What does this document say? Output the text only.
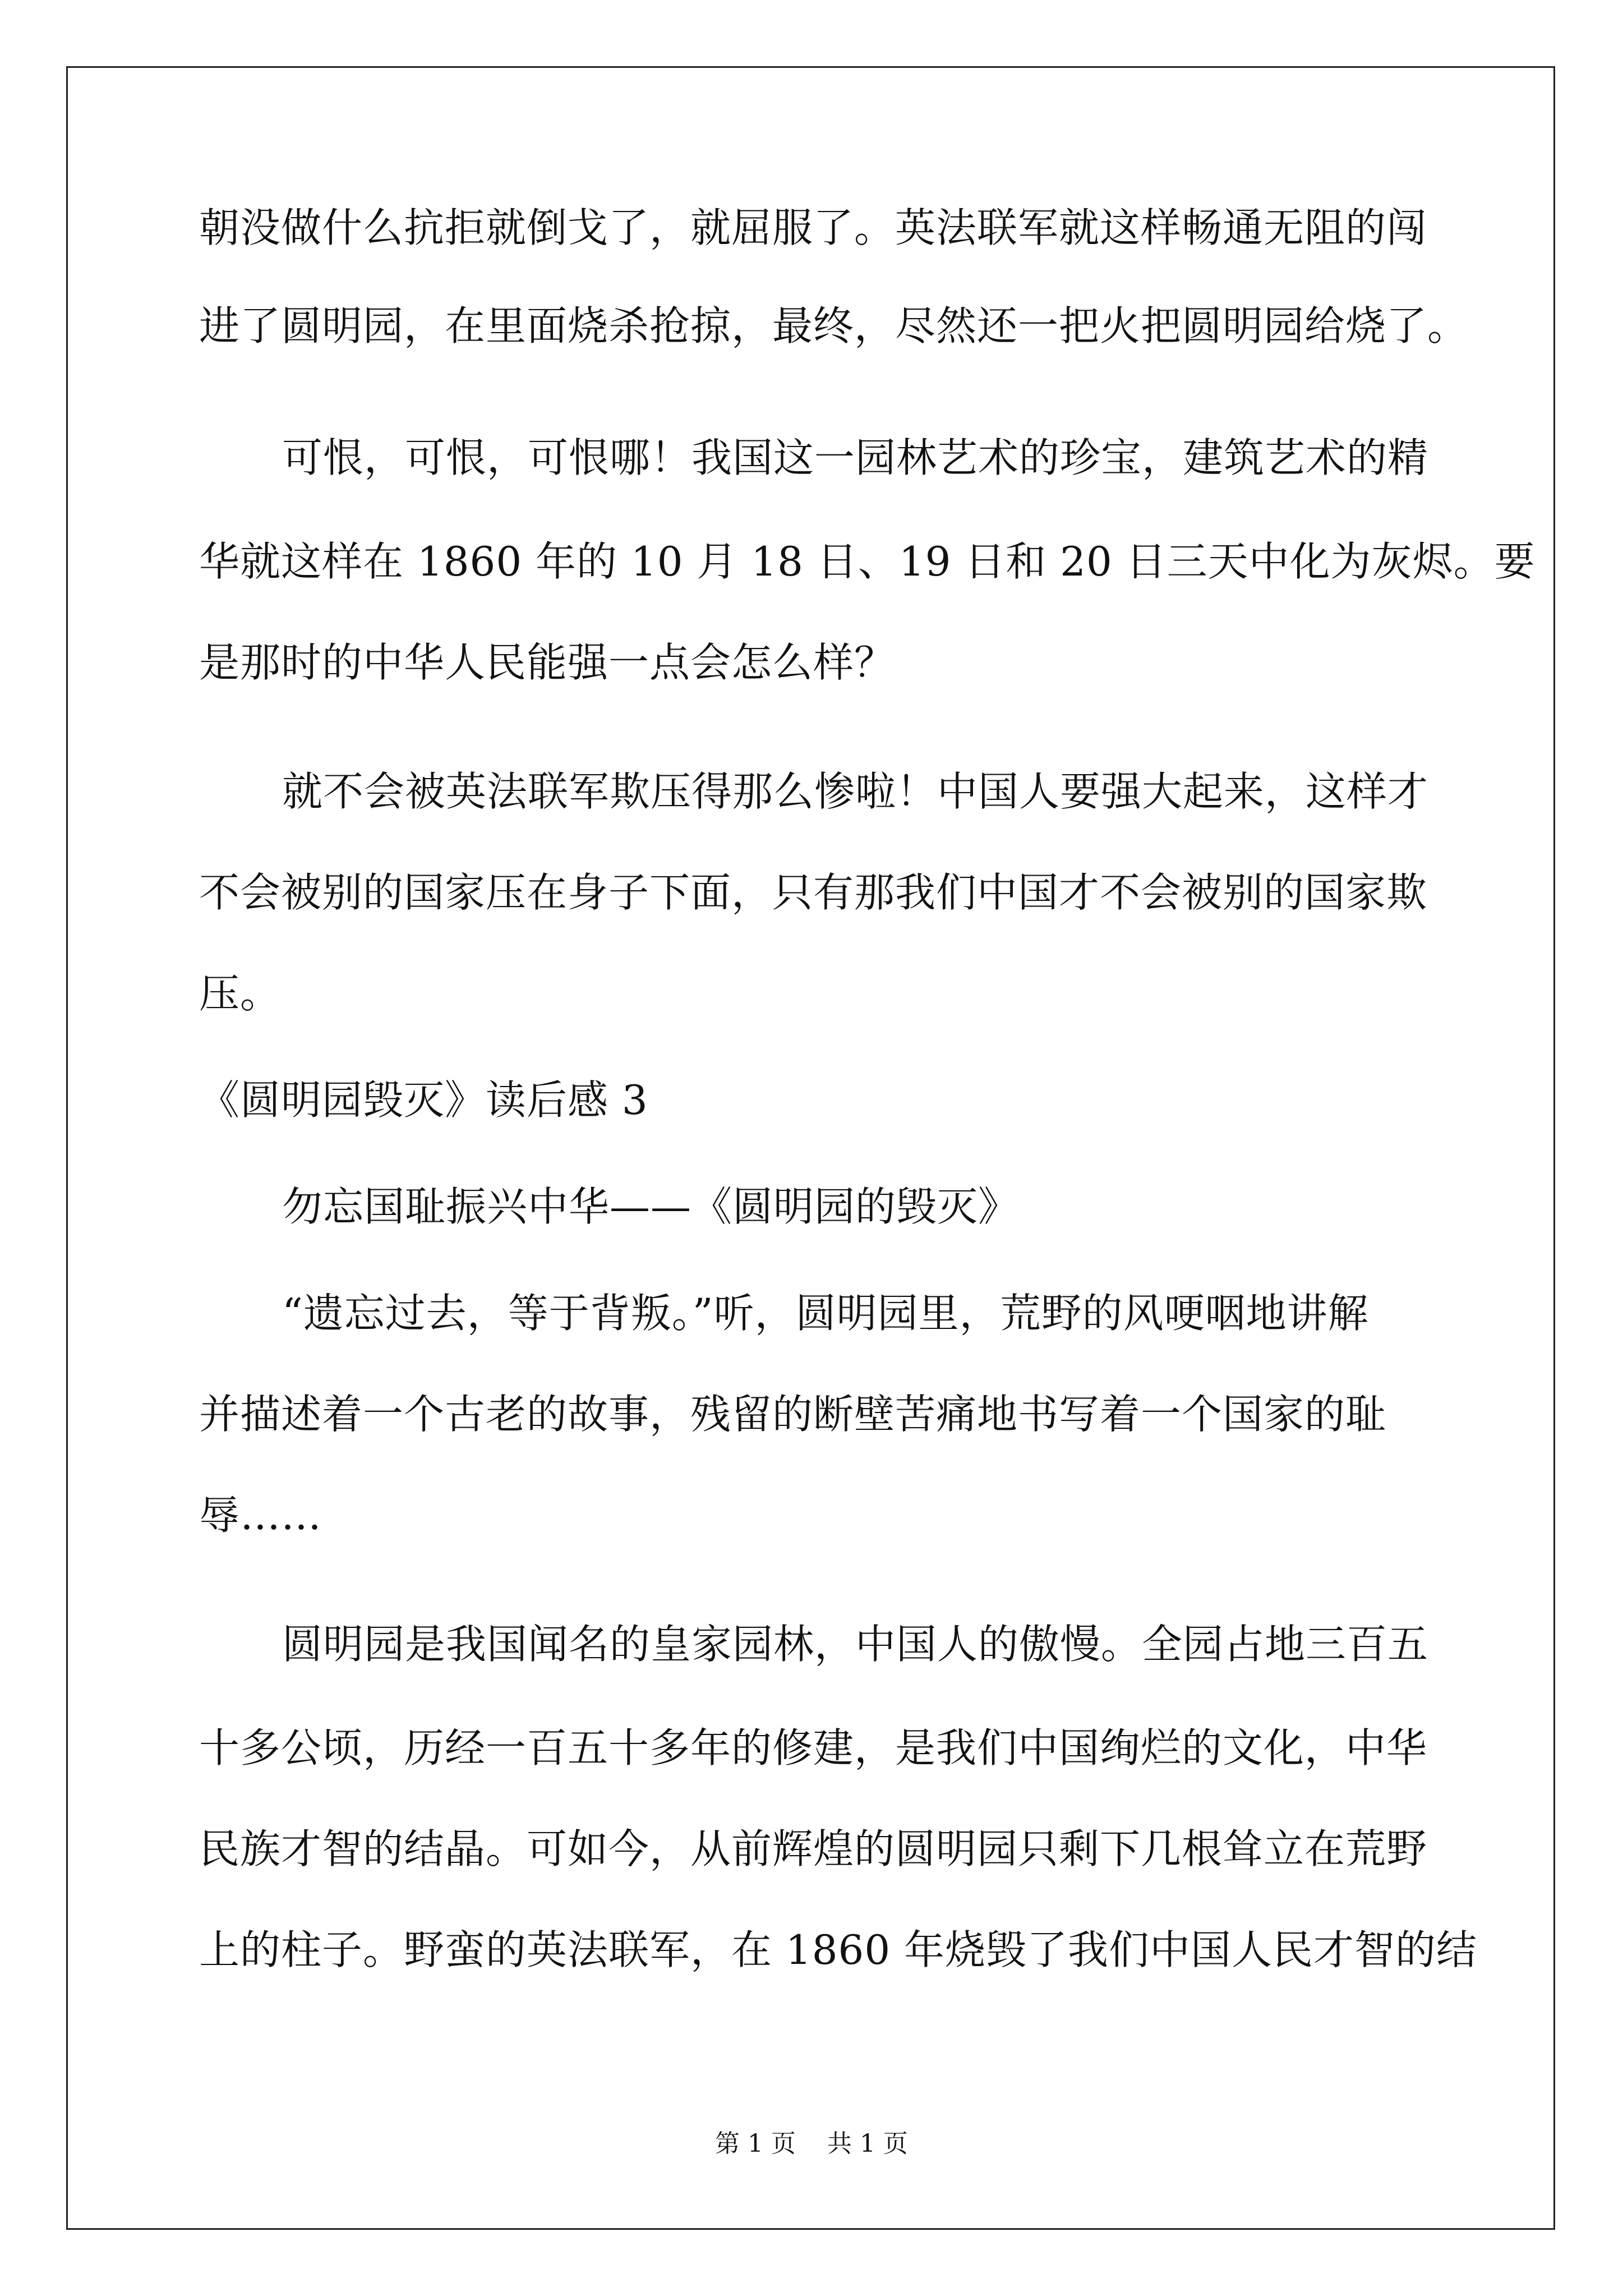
朝没做什么抗拒就倒戈了，就屈服了。英法联军就这样畅通无阻的闯
进了圆明园，在里面烧杀抢掠，最终，尽然还一把火把圆明园给烧了。
可恨，可恨，可恨哪！我国这一园林艺术的珍宝，建筑艺术的精
华就这样在 1860 年的 10 月 18 日、19 日和 20 日三天中化为灰烬。要
是那时的中华人民能强一点会怎么样？
就不会被英法联军欺压得那么惨啦！中国人要强大起来，这样才
不会被别的国家压在身子下面，只有那我们中国才不会被别的国家欺
压。
《圆明园毁灭》读后感 3
勿忘国耻振兴中华——《圆明园的毁灭》
“遗忘过去，等于背叛。”听，圆明园里，荒野的风哽咽地讲解
并描述着一个古老的故事，残留的断壁苦痛地书写着一个国家的耻
辱……
圆明园是我国闻名的皇家园林，中国人的傲慢。全园占地三百五
十多公顷，历经一百五十多年的修建，是我们中国绚烂的文化，中华
民族才智的结晶。可如今，从前辉煌的圆明园只剩下几根耸立在荒野
上的柱子。野蛮的英法联军，在 1860 年烧毁了我们中国人民才智的结
第 1 页    共 1 页
